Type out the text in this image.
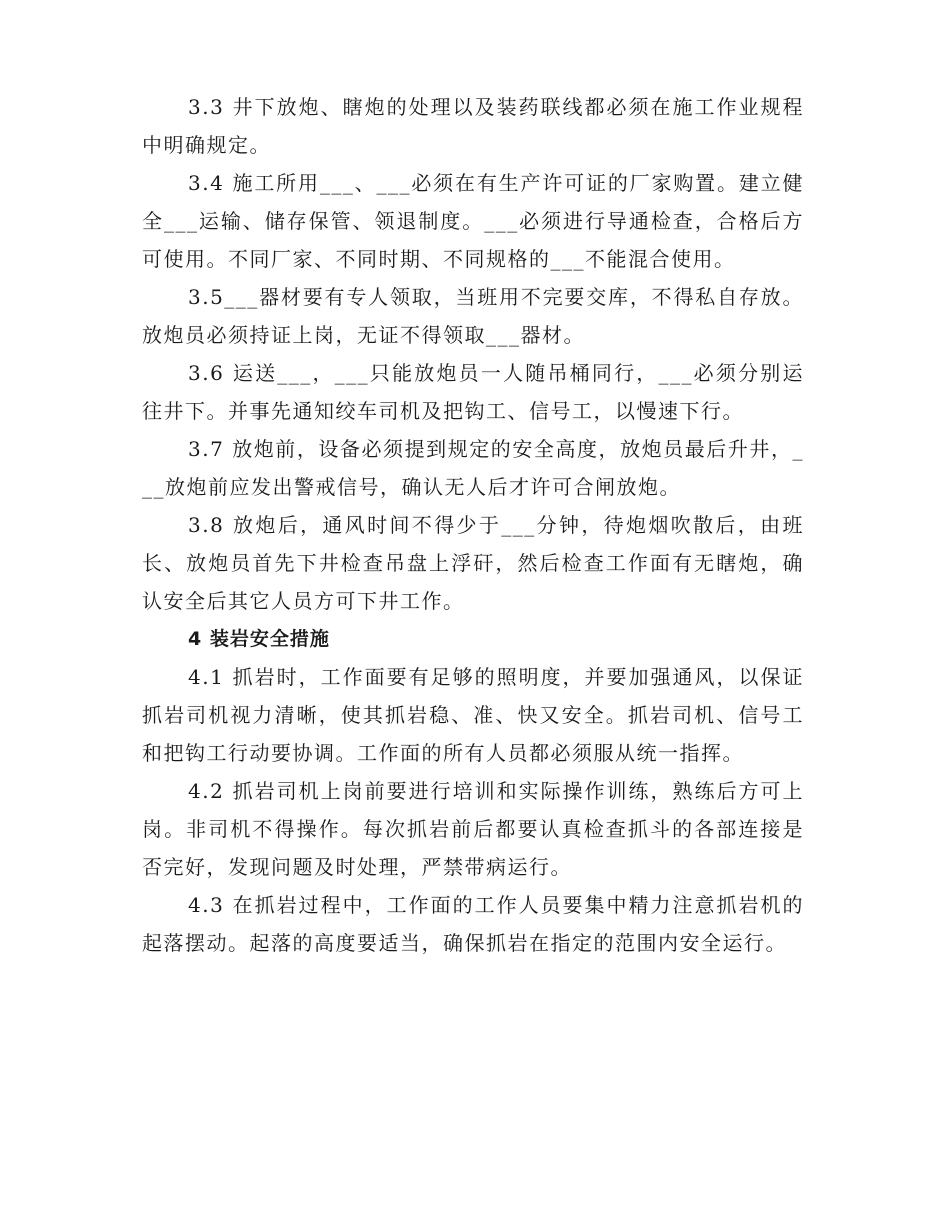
3.3 井下放炮、瞎炮的处理以及装药联线都必须在施工作业规程中明确规定。

3.4 施工所用___、___必须在有生产许可证的厂家购置。建立健全___运输、储存保管、领退制度。___必须进行导通检查，合格后方可使用。不同厂家、不同时期、不同规格的___不能混合使用。

3.5___器材要有专人领取，当班用不完要交库，不得私自存放。放炮员必须持证上岗，无证不得领取___器材。

3.6 运送___，___只能放炮员一人随吊桶同行，___必须分别运往井下。并事先通知绞车司机及把钩工、信号工，以慢速下行。

3.7 放炮前，设备必须提到规定的安全高度，放炮员最后升井，___放炮前应发出警戒信号，确认无人后才许可合闸放炮。

3.8 放炮后，通风时间不得少于___分钟，待炮烟吹散后，由班长、放炮员首先下井检查吊盘上浮矸，然后检查工作面有无瞎炮，确认安全后其它人员方可下井工作。

4 装岩安全措施

4.1 抓岩时，工作面要有足够的照明度，并要加强通风，以保证抓岩司机视力清晰，使其抓岩稳、准、快又安全。抓岩司机、信号工和把钩工行动要协调。工作面的所有人员都必须服从统一指挥。

4.2 抓岩司机上岗前要进行培训和实际操作训练，熟练后方可上岗。非司机不得操作。每次抓岩前后都要认真检查抓斗的各部连接是否完好，发现问题及时处理，严禁带病运行。

4.3 在抓岩过程中，工作面的工作人员要集中精力注意抓岩机的起落摆动。起落的高度要适当，确保抓岩在指定的范围内安全运行。
